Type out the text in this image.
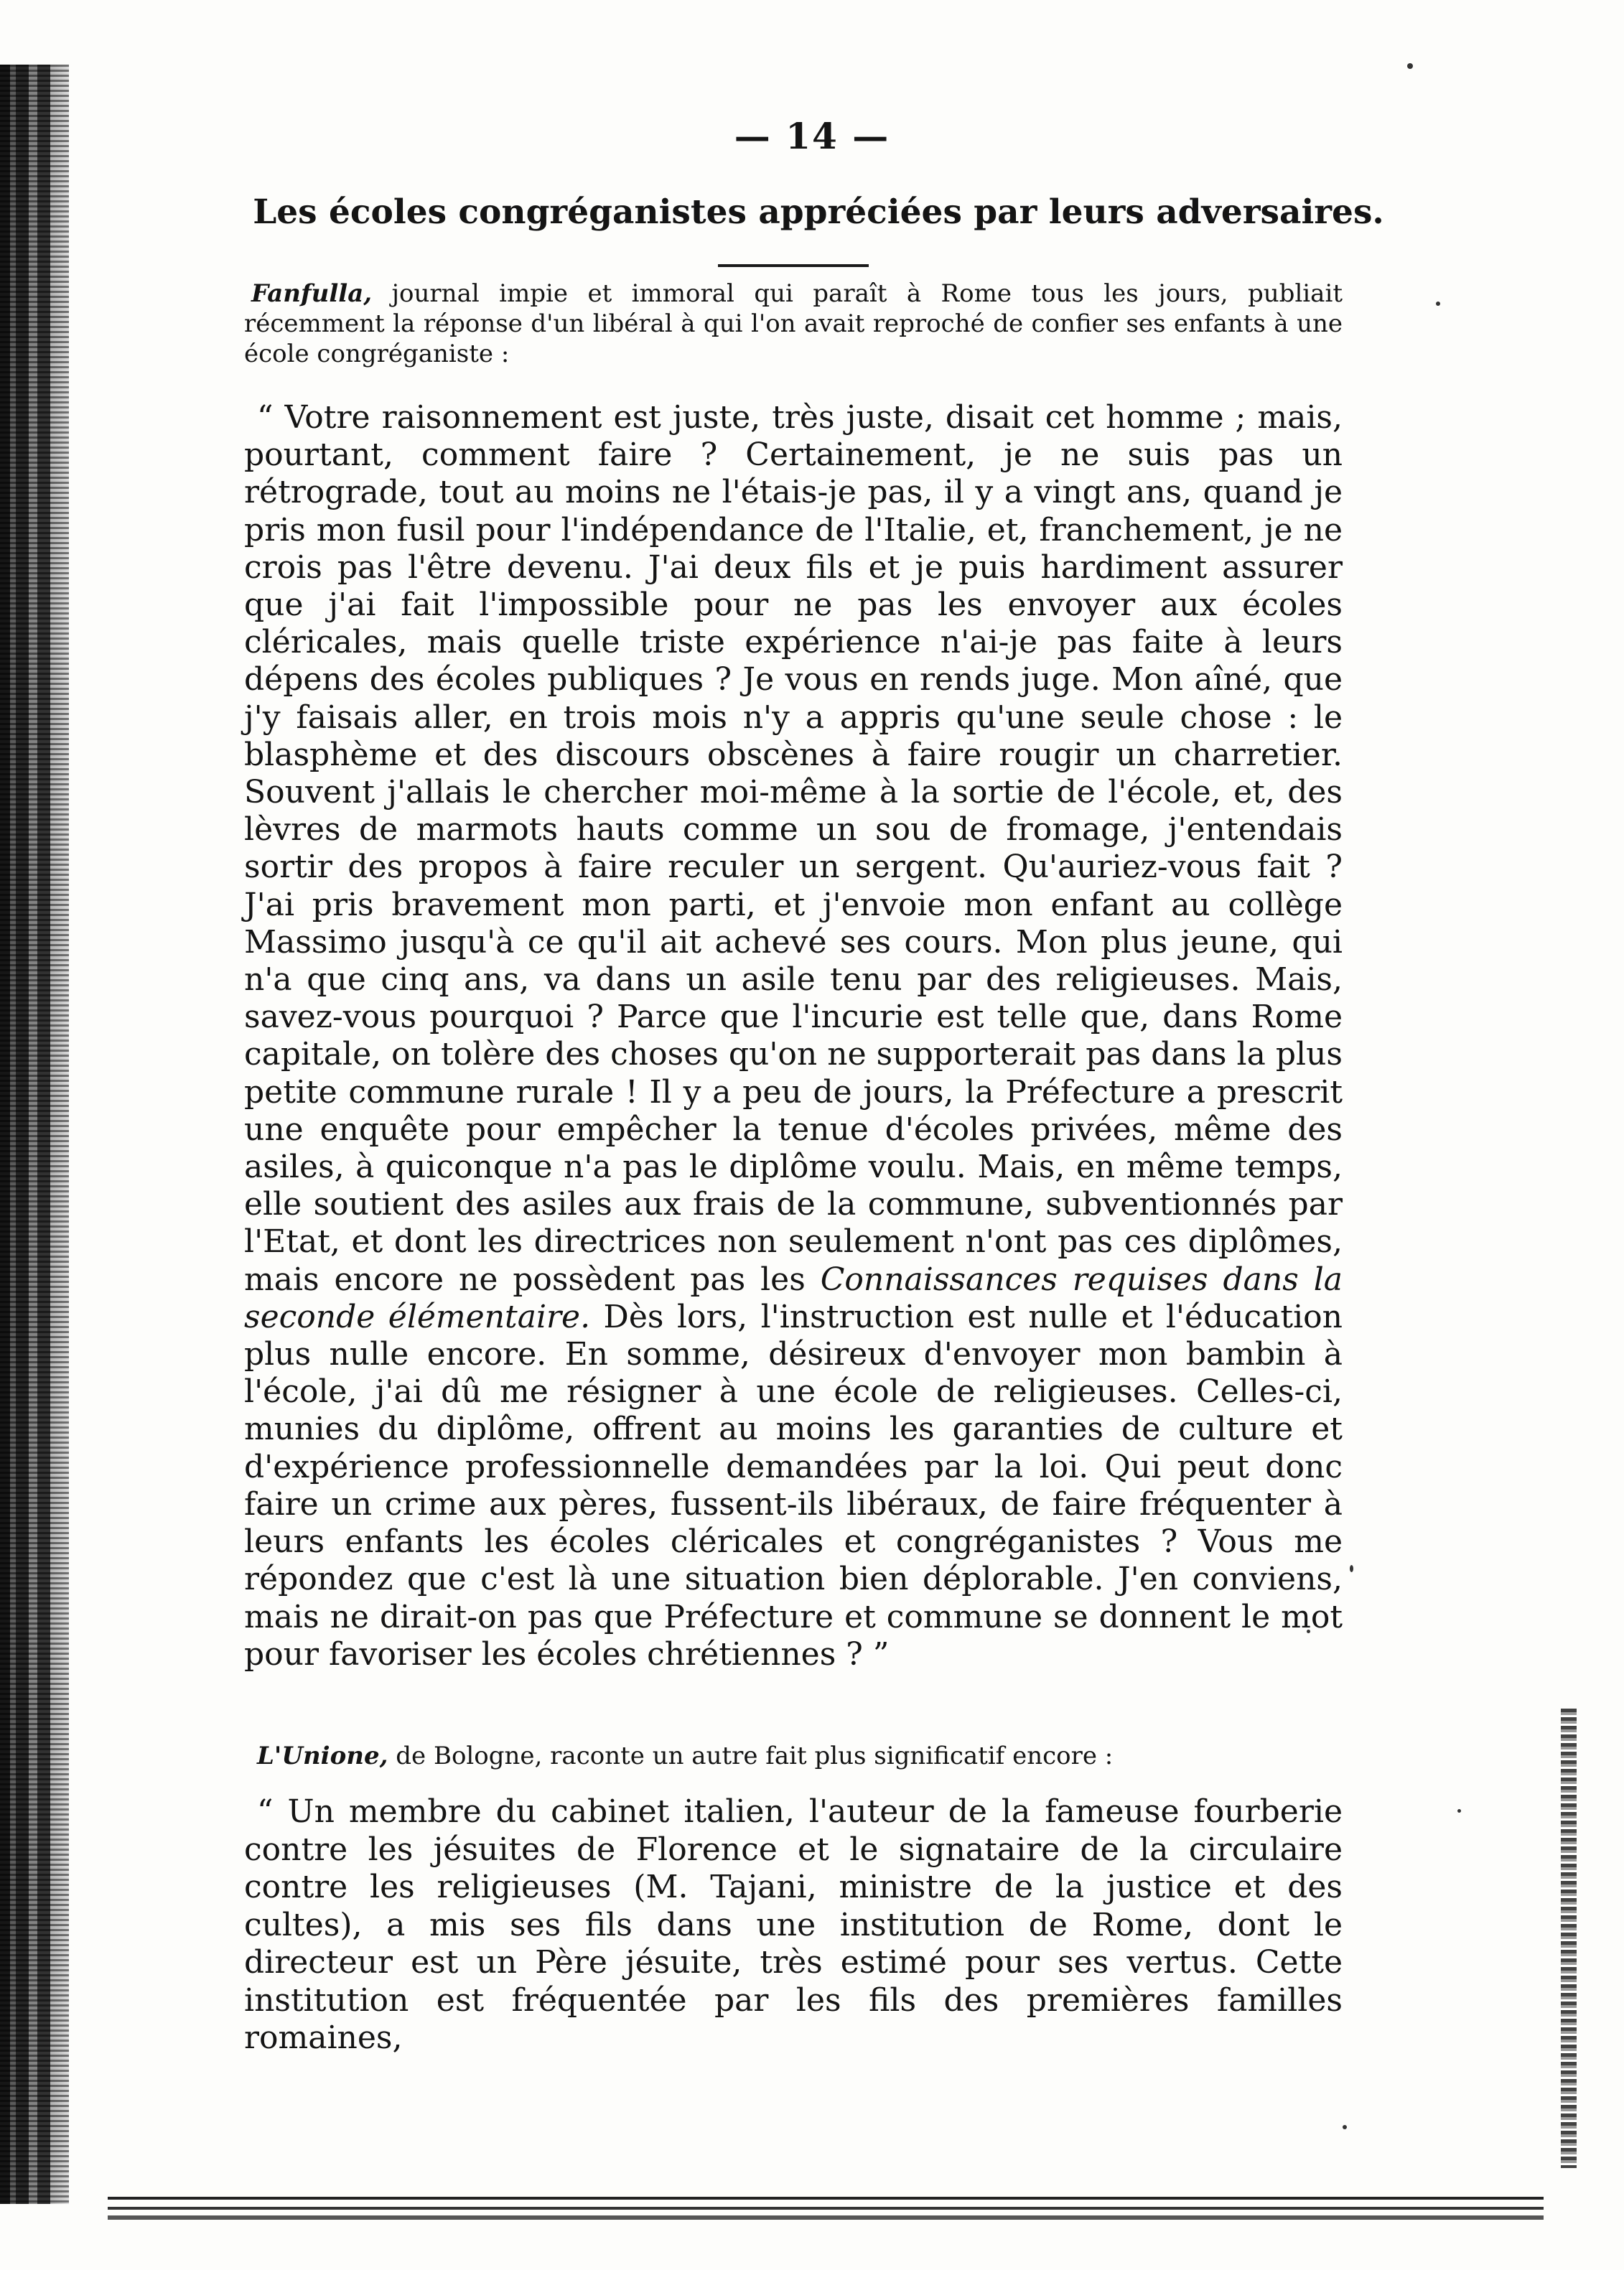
— 14 —
Les écoles congréganistes appréciées par leurs adversaires.
Fanfulla, journal impie et immoral qui paraît à Rome tous les jours, publiait récemment la réponse d'un libéral à qui l'on avait reproché de confier ses enfants à une école congréganiste :
“ Votre raisonnement est juste, très juste, disait cet homme ; mais, pourtant, comment faire ? Certainement, je ne suis pas un rétrograde, tout au moins ne l'étais-je pas, il y a vingt ans, quand je pris mon fusil pour l'indépendance de l'Italie, et, franchement, je ne crois pas l'être devenu. J'ai deux fils et je puis hardiment assurer que j'ai fait l'impossible pour ne pas les envoyer aux écoles cléricales, mais quelle triste expérience n'ai-je pas faite à leurs dépens des écoles publiques ? Je vous en rends juge. Mon aîné, que j'y faisais aller, en trois mois n'y a appris qu'une seule chose : le blasphème et des discours obscènes à faire rougir un charretier. Souvent j'allais le chercher moi-même à la sortie de l'école, et, des lèvres de marmots hauts comme un sou de fromage, j'entendais sortir des propos à faire reculer un sergent. Qu'auriez-vous fait ? J'ai pris bravement mon parti, et j'envoie mon enfant au collège Massimo jusqu'à ce qu'il ait achevé ses cours. Mon plus jeune, qui n'a que cinq ans, va dans un asile tenu par des religieuses. Mais, savez-vous pourquoi ? Parce que l'incurie est telle que, dans Rome capitale, on tolère des choses qu'on ne supporterait pas dans la plus petite commune rurale ! Il y a peu de jours, la Préfecture a prescrit une enquête pour empêcher la tenue d'écoles privées, même des asiles, à quiconque n'a pas le diplôme voulu. Mais, en même temps, elle soutient des asiles aux frais de la commune, subventionnés par l'Etat, et dont les directrices non seulement n'ont pas ces diplômes, mais encore ne possèdent pas les Connaissances requises dans la seconde élémentaire. Dès lors, l'instruction est nulle et l'éducation plus nulle encore. En somme, désireux d'envoyer mon bambin à l'école, j'ai dû me résigner à une école de religieuses. Celles-ci, munies du diplôme, offrent au moins les garanties de culture et d'expérience professionnelle demandées par la loi. Qui peut donc faire un crime aux pères, fussent-ils libéraux, de faire fréquenter à leurs enfants les écoles cléricales et congréganistes ? Vous me répondez que c'est là une situation bien déplorable. J'en conviens, mais ne dirait-on pas que Préfecture et commune se donnent le mot pour favoriser les écoles chrétiennes ? ”
L'Unione, de Bologne, raconte un autre fait plus significatif encore :
“ Un membre du cabinet italien, l'auteur de la fameuse fourberie contre les jésuites de Florence et le signataire de la circulaire contre les religieuses (M. Tajani, ministre de la justice et des cultes), a mis ses fils dans une institution de Rome, dont le directeur est un Père jésuite, très estimé pour ses vertus. Cette institution est fréquentée par les fils des premières familles romaines,
